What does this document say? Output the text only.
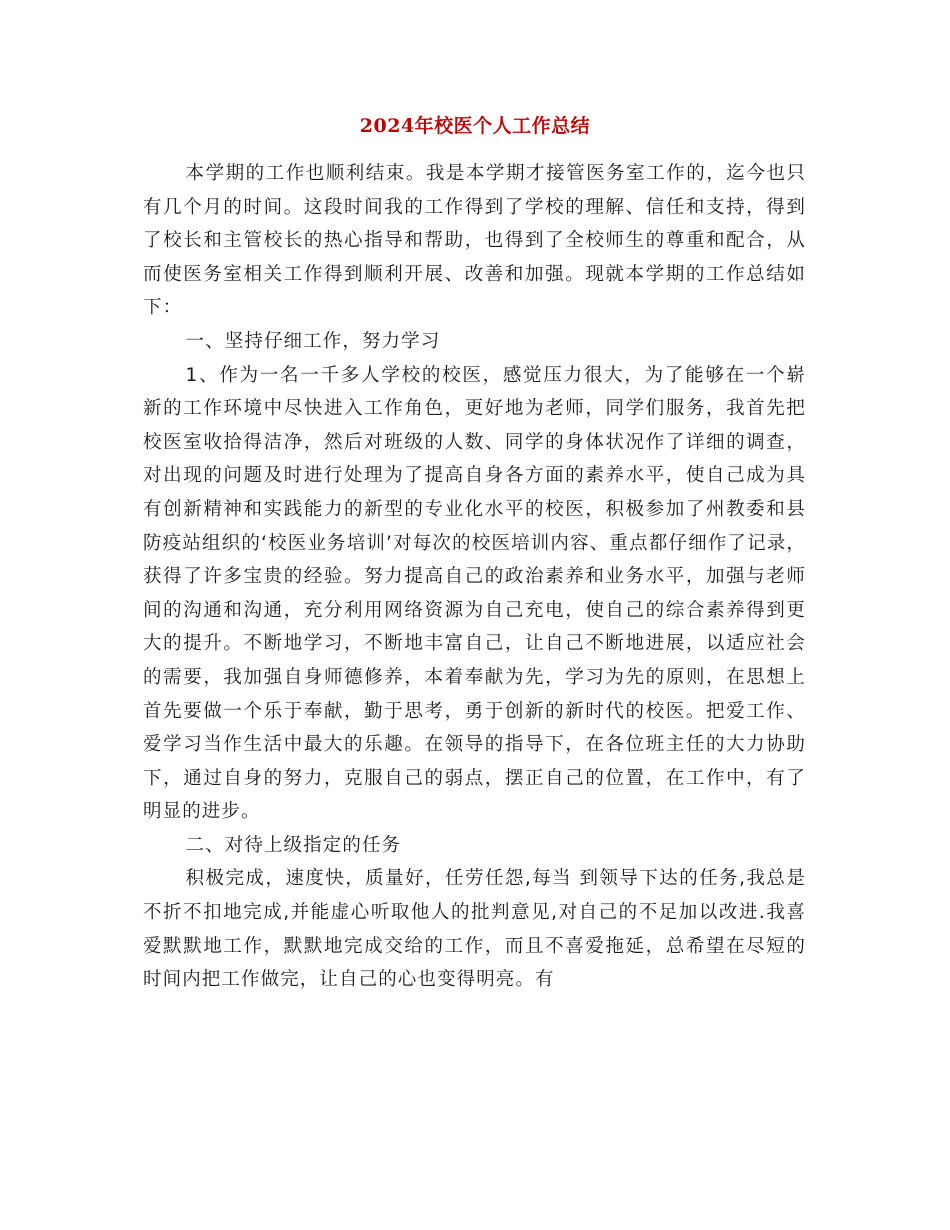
2024年校医个人工作总结

本学期的工作也顺利结束。我是本学期才接管医务室工作的，迄今也只有几个月的时间。这段时间我的工作得到了学校的理解、信任和支持，得到了校长和主管校长的热心指导和帮助，也得到了全校师生的尊重和配合，从而使医务室相关工作得到顺利开展、改善和加强。现就本学期的工作总结如下：

一、坚持仔细工作，努力学习

1、作为一名一千多人学校的校医，感觉压力很大，为了能够在一个崭新的工作环境中尽快进入工作角色，更好地为老师，同学们服务，我首先把校医室收拾得洁净，然后对班级的人数、同学的身体状况作了详细的调查，对出现的问题及时进行处理为了提高自身各方面的素养水平，使自己成为具有创新精神和实践能力的新型的专业化水平的校医，积极参加了州教委和县防疫站组织的‘校医业务培训’对每次的校医培训内容、重点都仔细作了记录，获得了许多宝贵的经验。努力提高自己的政治素养和业务水平，加强与老师间的沟通和沟通，充分利用网络资源为自己充电，使自己的综合素养得到更大的提升。不断地学习，不断地丰富自己，让自己不断地进展，以适应社会的需要，我加强自身师德修养，本着奉献为先，学习为先的原则，在思想上首先要做一个乐于奉献，勤于思考，勇于创新的新时代的校医。把爱工作、爱学习当作生活中最大的乐趣。在领导的指导下，在各位班主任的大力协助下，通过自身的努力，克服自己的弱点，摆正自己的位置，在工作中，有了明显的进步。

二、对待上级指定的任务

积极完成，速度快，质量好，任劳任怨,每当 到领导下达的任务,我总是不折不扣地完成,并能虚心听取他人的批判意见,对自己的不足加以改进.我喜爱默默地工作，默默地完成交给的工作，而且不喜爱拖延，总希望在尽短的时间内把工作做完，让自己的心也变得明亮。有
